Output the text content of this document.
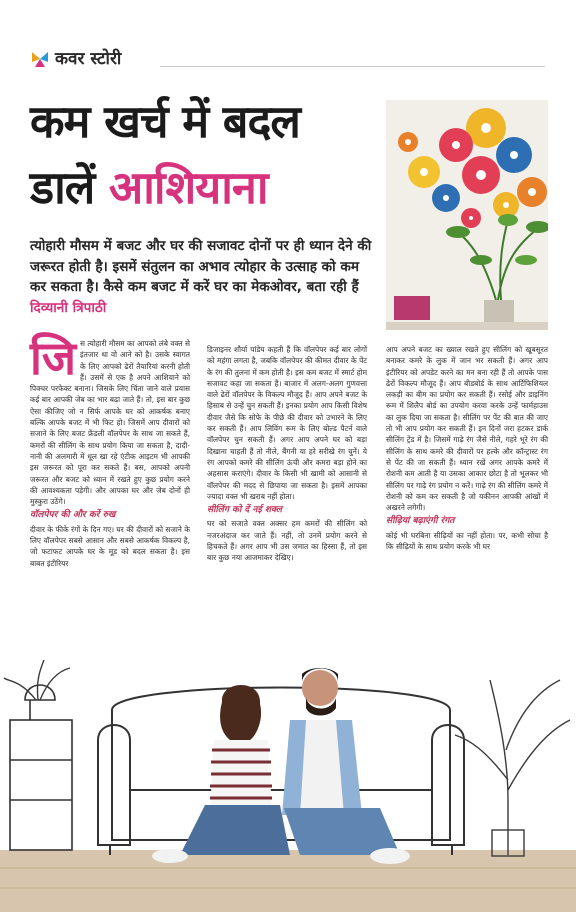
कवर स्टोरी
कम खर्च में बदल
डालें आशियाना
त्योहारी मौसम में बजट और घर की सजावट दोनों पर ही ध्यान देने की जरूरत होती है। इसमें संतुलन का अभाव त्योहार के उत्साह को कम कर सकता है। कैसे कम बजट में करें घर का मेकओवर, बता रही हैं दिव्यानी त्रिपाठी
जि स त्योहारी मौसम का आपको लंबे वक्त से इंतजार था वो आने को है। उसके स्वागत के लिए आपको ढेरों तैयारियां करनी होती हैं। उसमें से एक है अपने आशियाने को पिक्चर परफेक्ट बनाना। जिसके लिए चिंता जाने वाले प्रयास कई बार आपकी जेब का भार बढ़ा जाते हैं। तो, इस बार कुछ ऐसा कीजिए जो न सिर्फ आपके घर को आकर्षक बनाए बल्कि आपके बजट में भी फिट हो। जिसमें आप दीवारों को सजाने के लिए बजट फ्रेंडली वॉलपेपर के साथ जा सकते हैं, कमरों की सीलिंग के साथ प्रयोग किया जा सकता है, दादी-नानी की अलमारी में धूल खा रहे एंटीक आइटम भी आपकी इस जरूरत को पूरा कर सकते हैं। बस, आपको अपनी जरूरत और बजट को ध्यान में रखते हुए कुछ प्रयोग करने की आवश्यकता पड़ेगी। और आपका घर और जेब दोनों ही मुस्कुरा उठेंगे।
वॉलपेपर की और करें रुख
दीवार के फीके रंगों के दिन गए। घर की दीवारों को सजाने के लिए वॉलपेपर सबसे आसान और सबसे आकर्षक विकल्प है, जो फटाफट आपके घर के मूड को बदल सकता है। इस बाबत इंटीरियर
डिजाइनर शौर्या पांडेय कहती हैं कि वॉलपेपर कई बार लोगों को महंगा लगता है, जबकि वॉलपेपर की कीमत दीवार के पेंट के रंग की तुलना में कम होती है। इस कम बजट में स्मार्ट होम सजावट कहा जा सकता है। बाजार में अलग-अलग गुणवत्ता वाले ढेरों वॉलपेपर के विकल्प मौजूद हैं। आप अपने बजट के हिसाब से उन्हें चुन सकती हैं। इनका प्रयोग आप किसी विशेष दीवार जैसे कि सोफे के पीछे की दीवार को उभारने के लिए कर सकती हैं। आप लिविंग रूम के लिए बोल्ड पैटर्न वाले वॉलपेपर चुन सकती हैं। अगर आप अपने घर को बड़ा दिखाना चाहती हैं तो नीले, बैंगनी या हरे सरीखे रंग चुनें। ये रंग आपको कमरे की सीलिंग ऊंची और कमरा बड़ा होने का अहसास कराएंगे। दीवार के किसी भी खामी को आसानी से वॉलपेपर की मदद से छिपाया जा सकता है। इसमें आपका ज्यादा वक्त भी खराब नहीं होता।
सीलिंग को दें नई शक्ल
घर को सजाते वक्त अक्सर हम कमरों की सीलिंग को नजरअंदाज कर जाते हैं। नहीं, तो उनमें प्रयोग करने से हिचकते हैं। अगर आप भी उस जमात का हिस्सा हैं, तो इस बार कुछ नया आजमाकर देखिए।
आप अपने बजट का ख्याल रखते हुए सीलिंग को खूबसूरत बनाकर कमरे के लुक में जान भर सकती हैं। अगर आप इंटीरियर को अपडेट करने का मन बना रही हैं तो आपके पास ढेरों विकल्प मौजूद हैं। आप बीडबोर्ड के साथ आर्टिफिशियल लकड़ी का बीम का प्रयोग कर सकती हैं। रसोई और डाइनिंग रूम में शिलैप बोर्ड का उपयोग करवा करके उन्हें फार्महाउस का लुक दिया जा सकता है। सीलिंग पर पेंट की बात की जाए तो भी आप प्रयोग कर सकती हैं। इन दिनों जरा हटकर डार्क सीलिंग ट्रेंड में है। जिसमें गाढ़े रंग जैसे नीले, गहरे भूरे रंग की सीलिंग के साथ कमरे की दीवारों पर हल्के और कॉन्ट्रास्ट रंग से पेंट की जा सकती हैं। ध्यान रखें अगर आपके कमरे में रोशनी कम आती है या उसका आकार छोटा है तो भूलकर भी सीलिंग पर गाढ़े रंग प्रयोग न करें। गाढ़े रंग की सीलिंग कमरे में रोशनी को कम कर सकती है जो यकीनन आपकी आंखों में अखरने लगेगी।
सीढ़ियां बढ़ाएंगी रंगत
कोई भी घरबिना सीढ़ियों का नहीं होता। पर, कभी सोचा है कि सीढ़ियों के साथ प्रयोग करके भी घर
